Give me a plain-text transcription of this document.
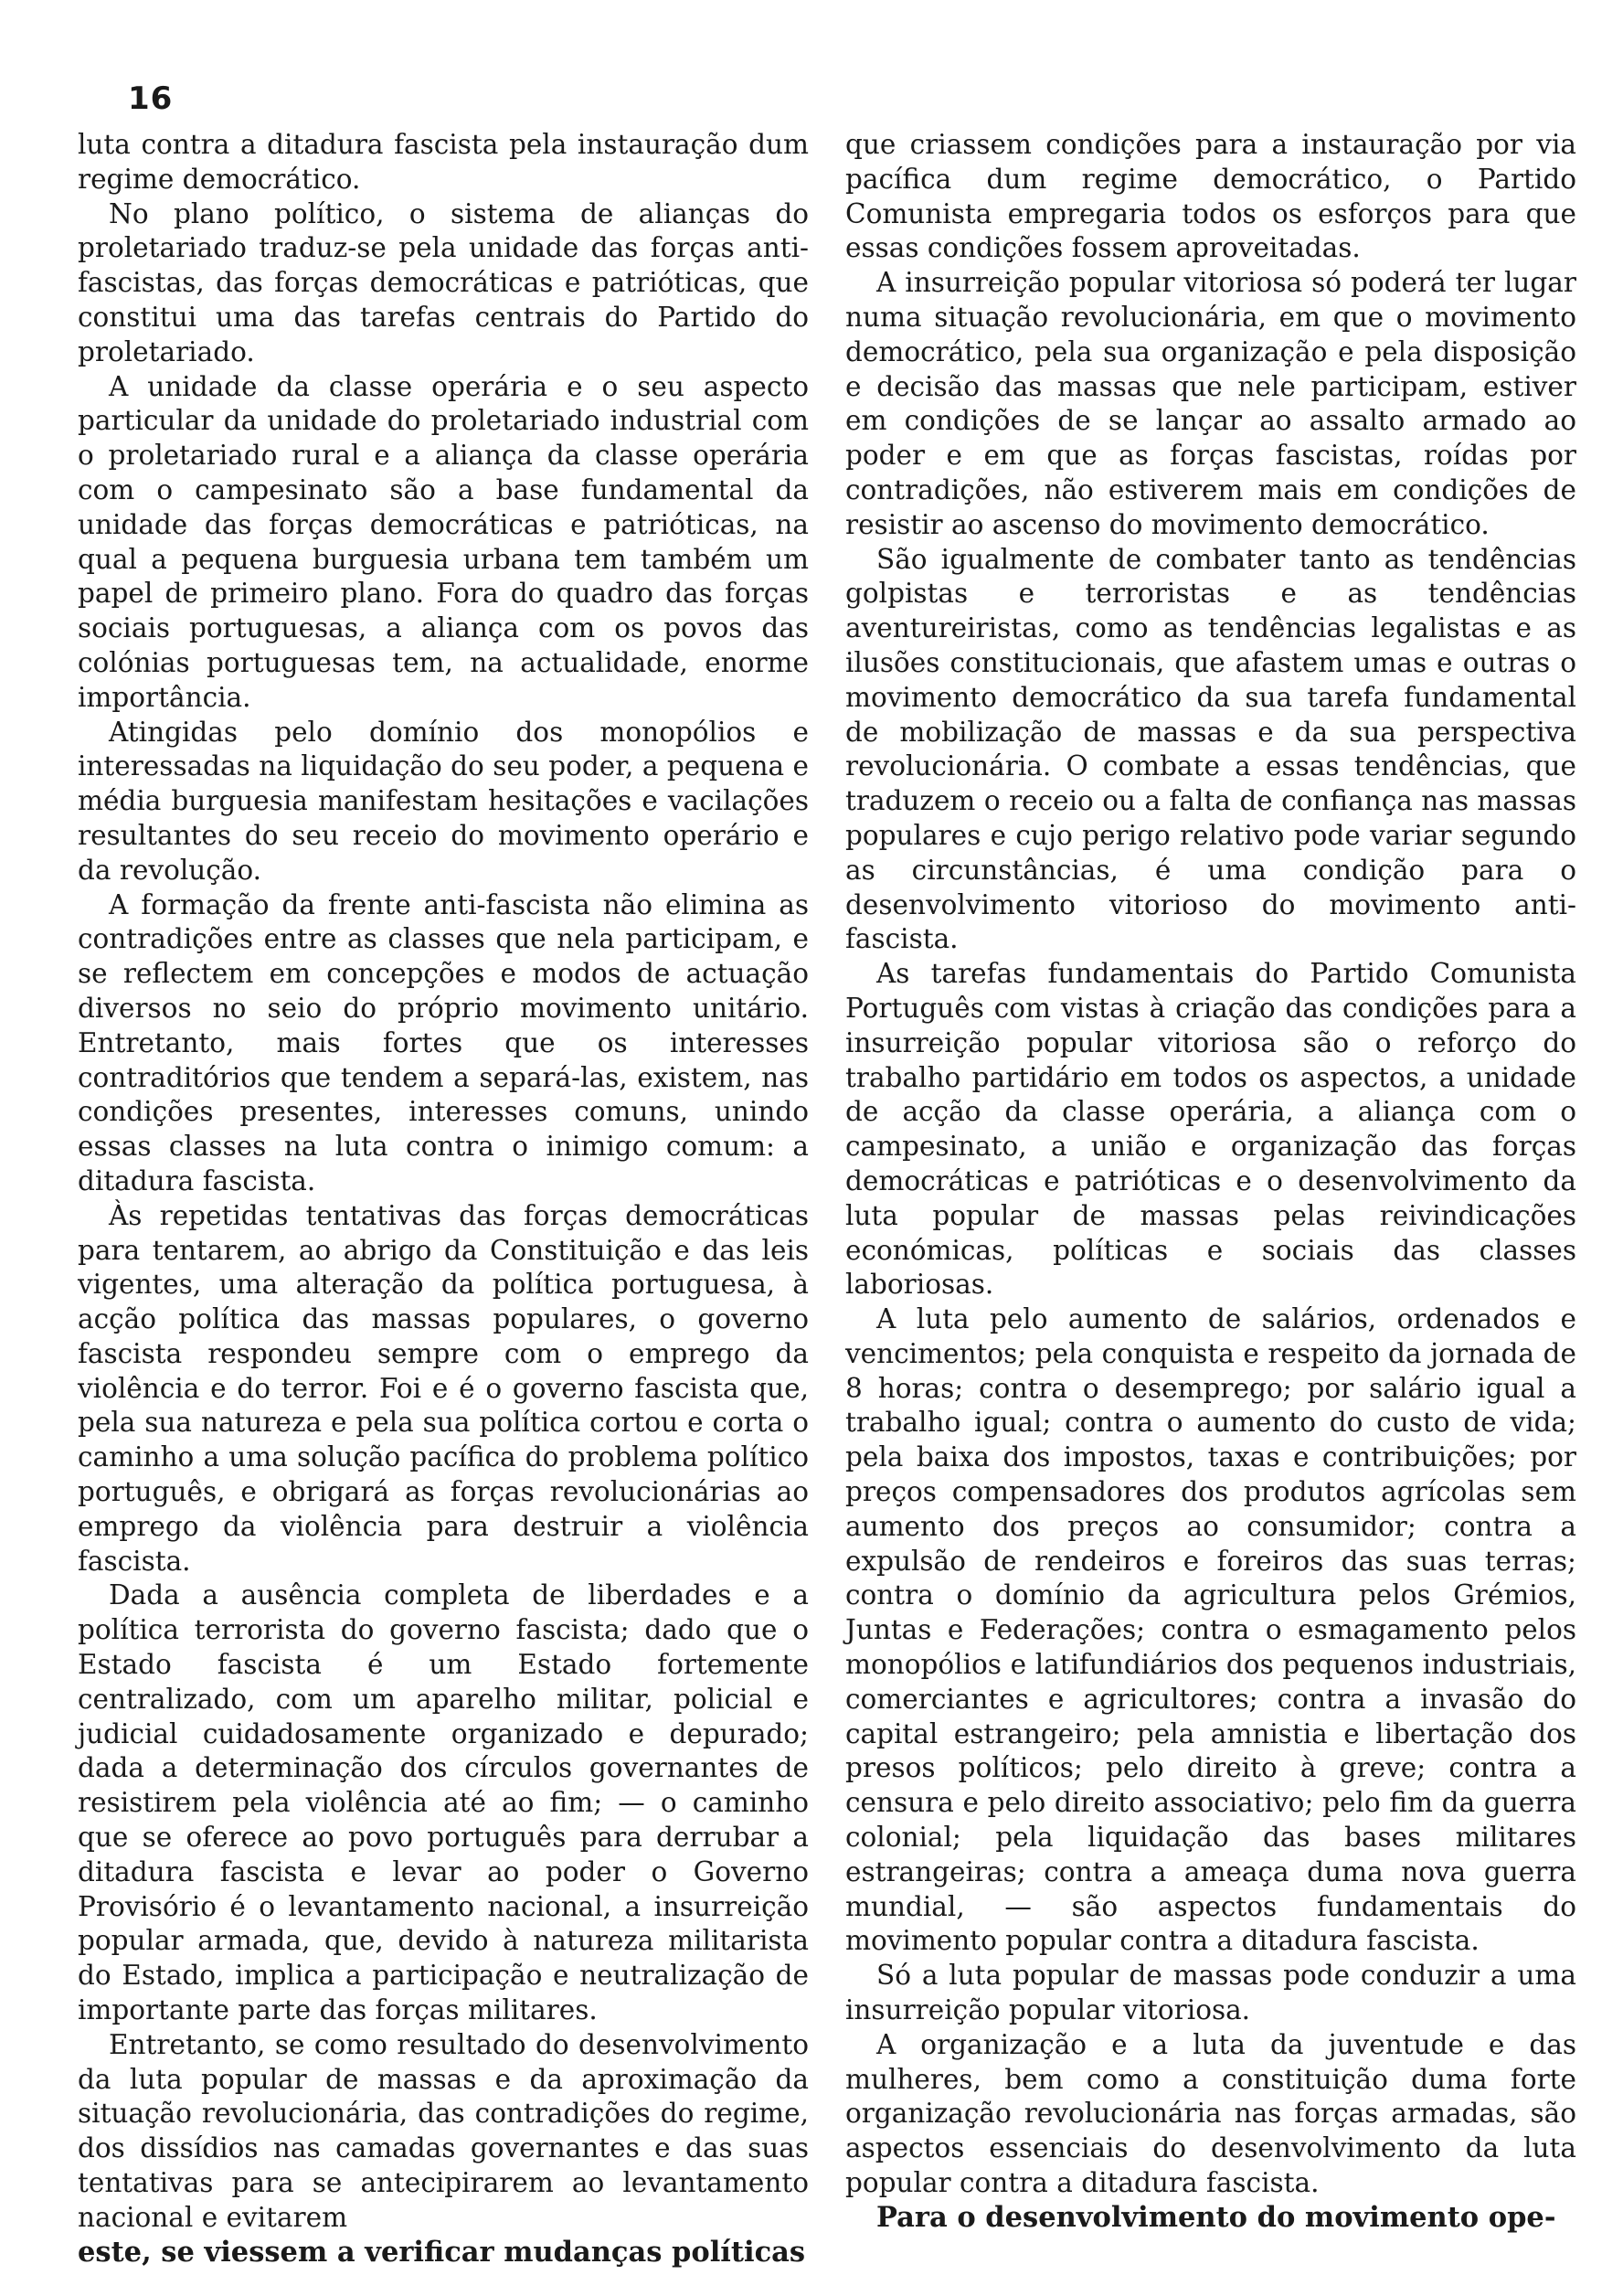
16

luta contra a ditadura fascista pela instauração dum regime democrático.

No plano político, o sistema de alianças do proletariado traduz-se pela unidade das forças anti-fascistas, das forças democráticas e patrióticas, que constitui uma das tarefas centrais do Partido do proletariado.

A unidade da classe operária e o seu aspecto particular da unidade do proletariado industrial com o proletariado rural e a aliança da classe operária com o campesinato são a base fundamental da unidade das forças democráticas e patrióticas, na qual a pequena burguesia urbana tem também um papel de primeiro plano. Fora do quadro das forças sociais portuguesas, a aliança com os povos das colónias portuguesas tem, na actualidade, enorme importância.

Atingidas pelo domínio dos monopólios e interessadas na liquidação do seu poder, a pequena e média burguesia manifestam hesitações e vacilações resultantes do seu receio do movimento operário e da revolução.

A formação da frente anti-fascista não elimina as contradições entre as classes que nela participam, e se reflectem em concepções e modos de actuação diversos no seio do próprio movimento unitário. Entretanto, mais fortes que os interesses contraditórios que tendem a separá-las, existem, nas condições presentes, interesses comuns, unindo essas classes na luta contra o inimigo comum: a ditadura fascista.

Às repetidas tentativas das forças democráticas para tentarem, ao abrigo da Constituição e das leis vigentes, uma alteração da política portuguesa, à acção política das massas populares, o governo fascista respondeu sempre com o emprego da violência e do terror. Foi e é o governo fascista que, pela sua natureza e pela sua política cortou e corta o caminho a uma solução pacífica do problema político português, e obrigará as forças revolucionárias ao emprego da violência para destruir a violência fascista.

Dada a ausência completa de liberdades e a política terrorista do governo fascista; dado que o Estado fascista é um Estado fortemente centralizado, com um aparelho militar, policial e judicial cuidadosamente organizado e depurado; dada a determinação dos círculos governantes de resistirem pela violência até ao fim; — o caminho que se oferece ao povo português para derrubar a ditadura fascista e levar ao poder o Governo Provisório é o levantamento nacional, a insurreição popular armada, que, devido à natureza militarista do Estado, implica a participação e neutralização de importante parte das forças militares.

Entretanto, se como resultado do desenvolvimento da luta popular de massas e da aproximação da situação revolucionária, das contradições do regime, dos dissídios nas camadas governantes e das suas tentativas para se antecipirarem ao levantamento nacional e evitarem

este, se viessem a verificar mudanças políticas

que criassem condições para a instauração por via pacífica dum regime democrático, o Partido Comunista empregaria todos os esforços para que essas condições fossem aproveitadas.

A insurreição popular vitoriosa só poderá ter lugar numa situação revolucionária, em que o movimento democrático, pela sua organização e pela disposição e decisão das massas que nele participam, estiver em condições de se lançar ao assalto armado ao poder e em que as forças fascistas, roídas por contradições, não estiverem mais em condições de resistir ao ascenso do movimento democrático.

São igualmente de combater tanto as tendências golpistas e terroristas e as tendências aventureiristas, como as tendências legalistas e as ilusões constitucionais, que afastem umas e outras o movimento democrático da sua tarefa fundamental de mobilização de massas e da sua perspectiva revolucionária. O combate a essas tendências, que traduzem o receio ou a falta de confiança nas massas populares e cujo perigo relativo pode variar segundo as circunstâncias, é uma condição para o desenvolvimento vitorioso do movimento anti-fascista.

As tarefas fundamentais do Partido Comunista Português com vistas à criação das condições para a insurreição popular vitoriosa são o reforço do trabalho partidário em todos os aspectos, a unidade de acção da classe operária, a aliança com o campesinato, a união e organização das forças democráticas e patrióticas e o desenvolvimento da luta popular de massas pelas reivindicações económicas, políticas e sociais das classes laboriosas.

A luta pelo aumento de salários, ordenados e vencimentos; pela conquista e respeito da jornada de 8 horas; contra o desemprego; por salário igual a trabalho igual; contra o aumento do custo de vida; pela baixa dos impostos, taxas e contribuições; por preços compensadores dos produtos agrícolas sem aumento dos preços ao consumidor; contra a expulsão de rendeiros e foreiros das suas terras; contra o domínio da agricultura pelos Grémios, Juntas e Federações; contra o esmagamento pelos monopólios e latifundiários dos pequenos industriais, comerciantes e agricultores; contra a invasão do capital estrangeiro; pela amnistia e libertação dos presos políticos; pelo direito à greve; contra a censura e pelo direito associativo; pelo fim da guerra colonial; pela liquidação das bases militares estrangeiras; contra a ameaça duma nova guerra mundial, — são aspectos fundamentais do movimento popular contra a ditadura fascista.

Só a luta popular de massas pode conduzir a uma insurreição popular vitoriosa.

A organização e a luta da juventude e das mulheres, bem como a constituição duma forte organização revolucionária nas forças armadas, são aspectos essenciais do desenvolvimento da luta popular contra a ditadura fascista.

Para o desenvolvimento do movimento ope-
